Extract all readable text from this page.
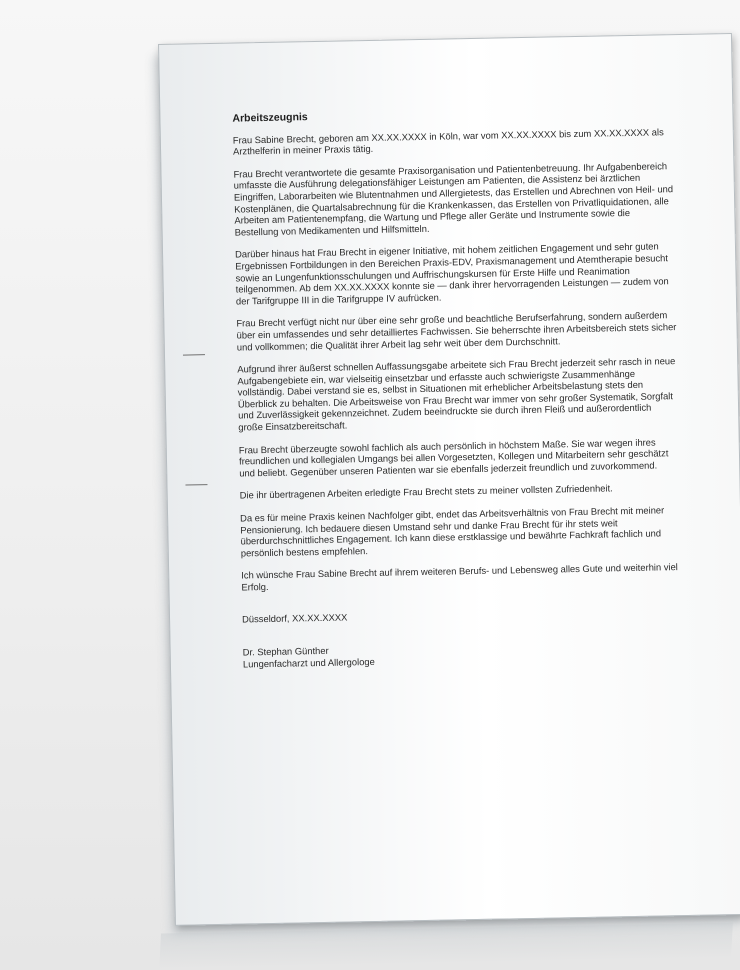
Arbeitszeugnis

Frau Sabine Brecht, geboren am XX.XX.XXXX in Köln, war vom XX.XX.XXXX bis zum XX.XX.XXXX als Arzthelferin in meiner Praxis tätig.

Frau Brecht verantwortete die gesamte Praxisorganisation und Patientenbetreuung. Ihr Aufgabenbereich umfasste die Ausführung delegationsfähiger Leistungen am Patienten, die Assistenz bei ärztlichen Eingriffen, Laborarbeiten wie Blutentnahmen und Allergietests, das Erstellen und Abrechnen von Heil- und Kostenplänen, die Quartalsabrechnung für die Krankenkassen, das Erstellen von Privatliquidationen, alle Arbeiten am Patientenempfang, die Wartung und Pflege aller Geräte und Instrumente sowie die Bestellung von Medikamenten und Hilfsmitteln.

Darüber hinaus hat Frau Brecht in eigener Initiative, mit hohem zeitlichen Engagement und sehr guten Ergebnissen Fortbildungen in den Bereichen Praxis-EDV, Praxismanagement und Atemtherapie besucht sowie an Lungenfunktionsschulungen und Auffrischungskursen für Erste Hilfe und Reanimation teilgenommen. Ab dem XX.XX.XXXX konnte sie — dank ihrer hervorragenden Leistungen — zudem von der Tarifgruppe III in die Tarifgruppe IV aufrücken.

Frau Brecht verfügt nicht nur über eine sehr große und beachtliche Berufserfahrung, sondern außerdem über ein umfassendes und sehr detailliertes Fachwissen. Sie beherrschte ihren Arbeitsbereich stets sicher und vollkommen; die Qualität ihrer Arbeit lag sehr weit über dem Durchschnitt.

Aufgrund ihrer äußerst schnellen Auffassungsgabe arbeitete sich Frau Brecht jederzeit sehr rasch in neue Aufgabengebiete ein, war vielseitig einsetzbar und erfasste auch schwierigste Zusammenhänge vollständig. Dabei verstand sie es, selbst in Situationen mit erheblicher Arbeitsbelastung stets den Überblick zu behalten. Die Arbeitsweise von Frau Brecht war immer von sehr großer Systematik, Sorgfalt und Zuverlässigkeit gekennzeichnet. Zudem beeindruckte sie durch ihren Fleiß und außerordentlich große Einsatzbereitschaft.

Frau Brecht überzeugte sowohl fachlich als auch persönlich in höchstem Maße. Sie war wegen ihres freundlichen und kollegialen Umgangs bei allen Vorgesetzten, Kollegen und Mitarbeitern sehr geschätzt und beliebt. Gegenüber unseren Patienten war sie ebenfalls jederzeit freundlich und zuvorkommend.

Die ihr übertragenen Arbeiten erledigte Frau Brecht stets zu meiner vollsten Zufriedenheit.

Da es für meine Praxis keinen Nachfolger gibt, endet das Arbeitsverhältnis von Frau Brecht mit meiner Pensionierung. Ich bedauere diesen Umstand sehr und danke Frau Brecht für ihr stets weit überdurchschnittliches Engagement. Ich kann diese erstklassige und bewährte Fachkraft fachlich und persönlich bestens empfehlen.

Ich wünsche Frau Sabine Brecht auf ihrem weiteren Berufs- und Lebensweg alles Gute und weiterhin viel Erfolg.

Düsseldorf, XX.XX.XXXX

Dr. Stephan Günther
Lungenfacharzt und Allergologe
